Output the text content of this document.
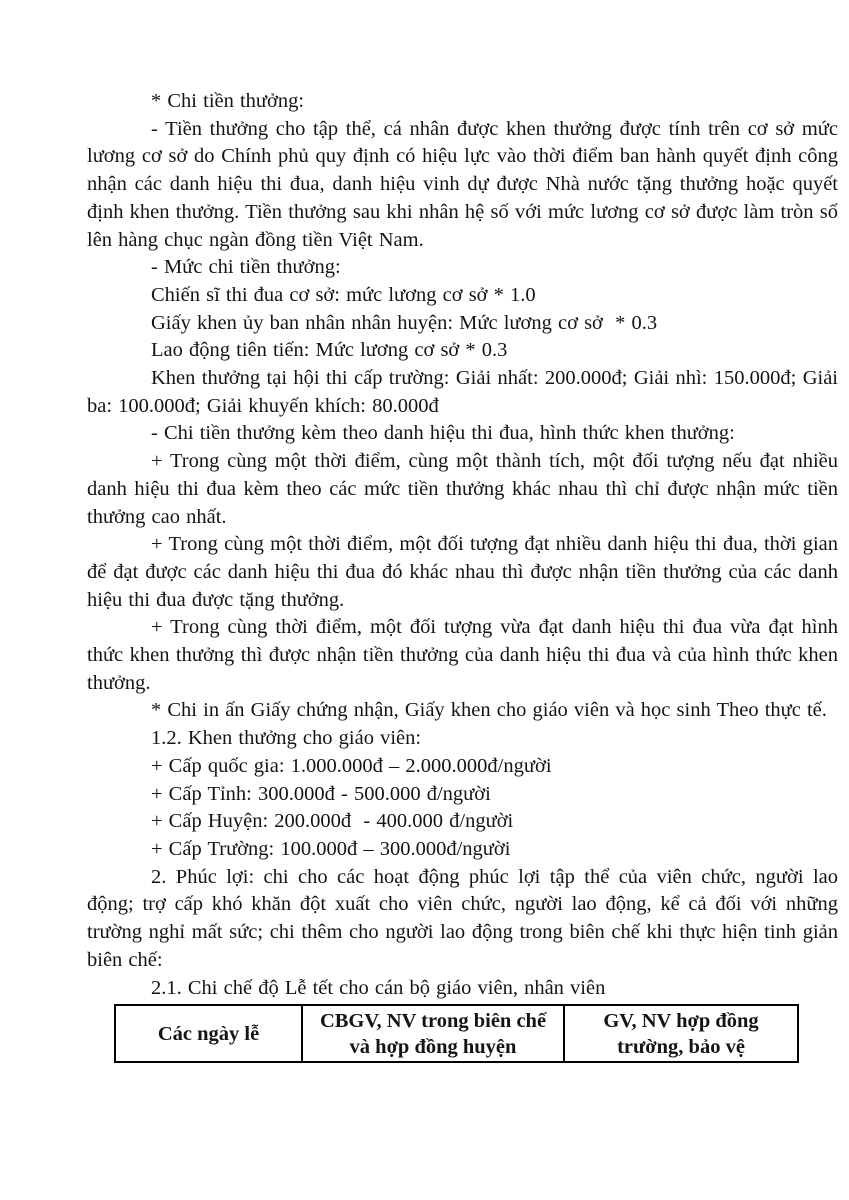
* Chi tiền thưởng:

- Tiền thưởng cho tập thể, cá nhân được khen thưởng được tính trên cơ sở mức lương cơ sở do Chính phủ quy định có hiệu lực vào thời điểm ban hành quyết định công nhận các danh hiệu thi đua, danh hiệu vinh dự được Nhà nước tặng thưởng hoặc quyết định khen thưởng. Tiền thưởng sau khi nhân hệ số với mức lương cơ sở được làm tròn số lên hàng chục ngàn đồng tiền Việt Nam.

- Mức chi tiền thưởng:

Chiến sĩ thi đua cơ sở: mức lương cơ sở * 1.0

Giấy khen ủy ban nhân nhân huyện: Mức lương cơ sở  * 0.3

Lao động tiên tiến: Mức lương cơ sở * 0.3

Khen thưởng tại hội thi cấp trường: Giải nhất: 200.000đ; Giải nhì: 150.000đ; Giải ba: 100.000đ; Giải khuyến khích: 80.000đ

- Chi tiền thưởng kèm theo danh hiệu thi đua, hình thức khen thưởng:

+ Trong cùng một thời điểm, cùng một thành tích, một đối tượng nếu đạt nhiều danh hiệu thi đua kèm theo các mức tiền thưởng khác nhau thì chỉ được nhận mức tiền thưởng cao nhất.

+ Trong cùng một thời điểm, một đối tượng đạt nhiều danh hiệu thi đua, thời gian để đạt được các danh hiệu thi đua đó khác nhau thì được nhận tiền thưởng của các danh hiệu thi đua được tặng thưởng.

+ Trong cùng thời điểm, một đối tượng vừa đạt danh hiệu thi đua vừa đạt hình thức khen thưởng thì được nhận tiền thưởng của danh hiệu thi đua và của hình thức khen thưởng.

* Chi in ấn Giấy chứng nhận, Giấy khen cho giáo viên và học sinh Theo thực tế.

1.2. Khen thưởng cho giáo viên:

+ Cấp quốc gia: 1.000.000đ – 2.000.000đ/người

+ Cấp Tỉnh: 300.000đ - 500.000 đ/người

+ Cấp Huyện: 200.000đ  - 400.000 đ/người

+ Cấp Trường: 100.000đ – 300.000đ/người

2. Phúc lợi: chi cho các hoạt động phúc lợi tập thể của viên chức, người lao động; trợ cấp khó khăn đột xuất cho viên chức, người lao động, kể cả đối với những trường nghỉ mất sức; chi thêm cho người lao động trong biên chế khi thực hiện tinh giản biên chế:

2.1. Chi chế độ Lễ tết cho cán bộ giáo viên, nhân viên

Các ngày lễ	CBGV, NV trong biên chế và hợp đồng huyện	GV, NV hợp đồng trường, bảo vệ
